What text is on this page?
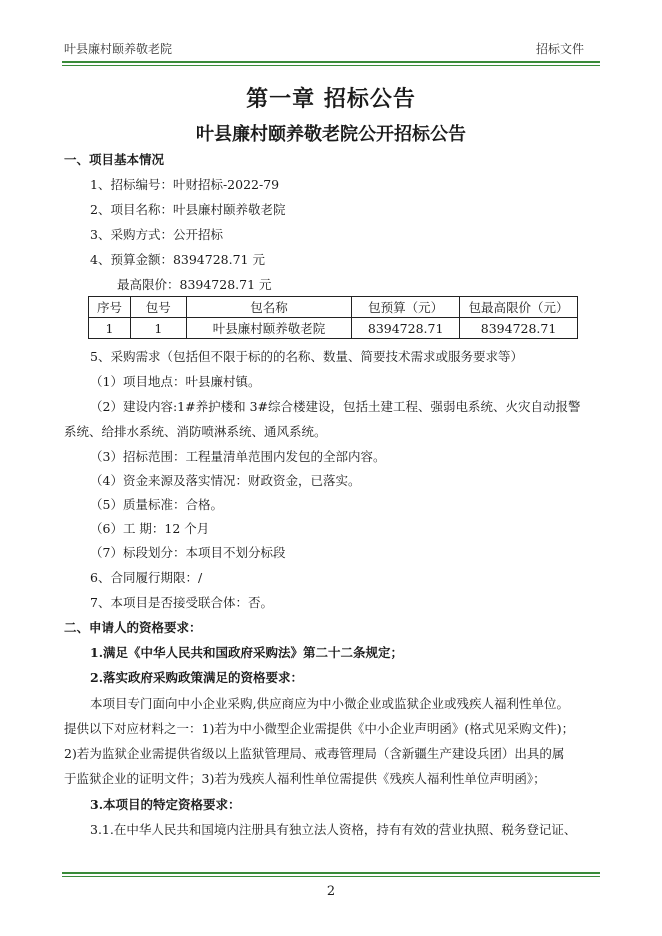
叶县廉村颐养敬老院	招标文件
第一章 招标公告
叶县廉村颐养敬老院公开招标公告
一、项目基本情况
1、招标编号：叶财招标-2022-79
2、项目名称：叶县廉村颐养敬老院
3、采购方式：公开招标
4、预算金额：8394728.71 元
最高限价：8394728.71 元
序号	包号	包名称	包预算（元）	包最高限价（元）
1	1	叶县廉村颐养敬老院	8394728.71	8394728.71
5、采购需求（包括但不限于标的的名称、数量、简要技术需求或服务要求等）
（1）项目地点：叶县廉村镇。
（2）建设内容:1#养护楼和 3#综合楼建设，包括土建工程、强弱电系统、火灾自动报警
系统、给排水系统、消防喷淋系统、通风系统。
（3）招标范围：工程量清单范围内发包的全部内容。
（4）资金来源及落实情况：财政资金，已落实。
（5）质量标准：合格。
（6）工 期：12 个月
（7）标段划分：本项目不划分标段
6、合同履行期限：/
7、本项目是否接受联合体：否。
二、申请人的资格要求：
1.满足《中华人民共和国政府采购法》第二十二条规定；
2.落实政府采购政策满足的资格要求：
本项目专门面向中小企业采购,供应商应为中小微企业或监狱企业或残疾人福利性单位。
提供以下对应材料之一：1)若为中小微型企业需提供《中小企业声明函》(格式见采购文件)；
2)若为监狱企业需提供省级以上监狱管理局、戒毒管理局（含新疆生产建设兵团）出具的属
于监狱企业的证明文件；3)若为残疾人福利性单位需提供《残疾人福利性单位声明函》；
3.本项目的特定资格要求：
3.1.在中华人民共和国境内注册具有独立法人资格，持有有效的营业执照、税务登记证、
2
